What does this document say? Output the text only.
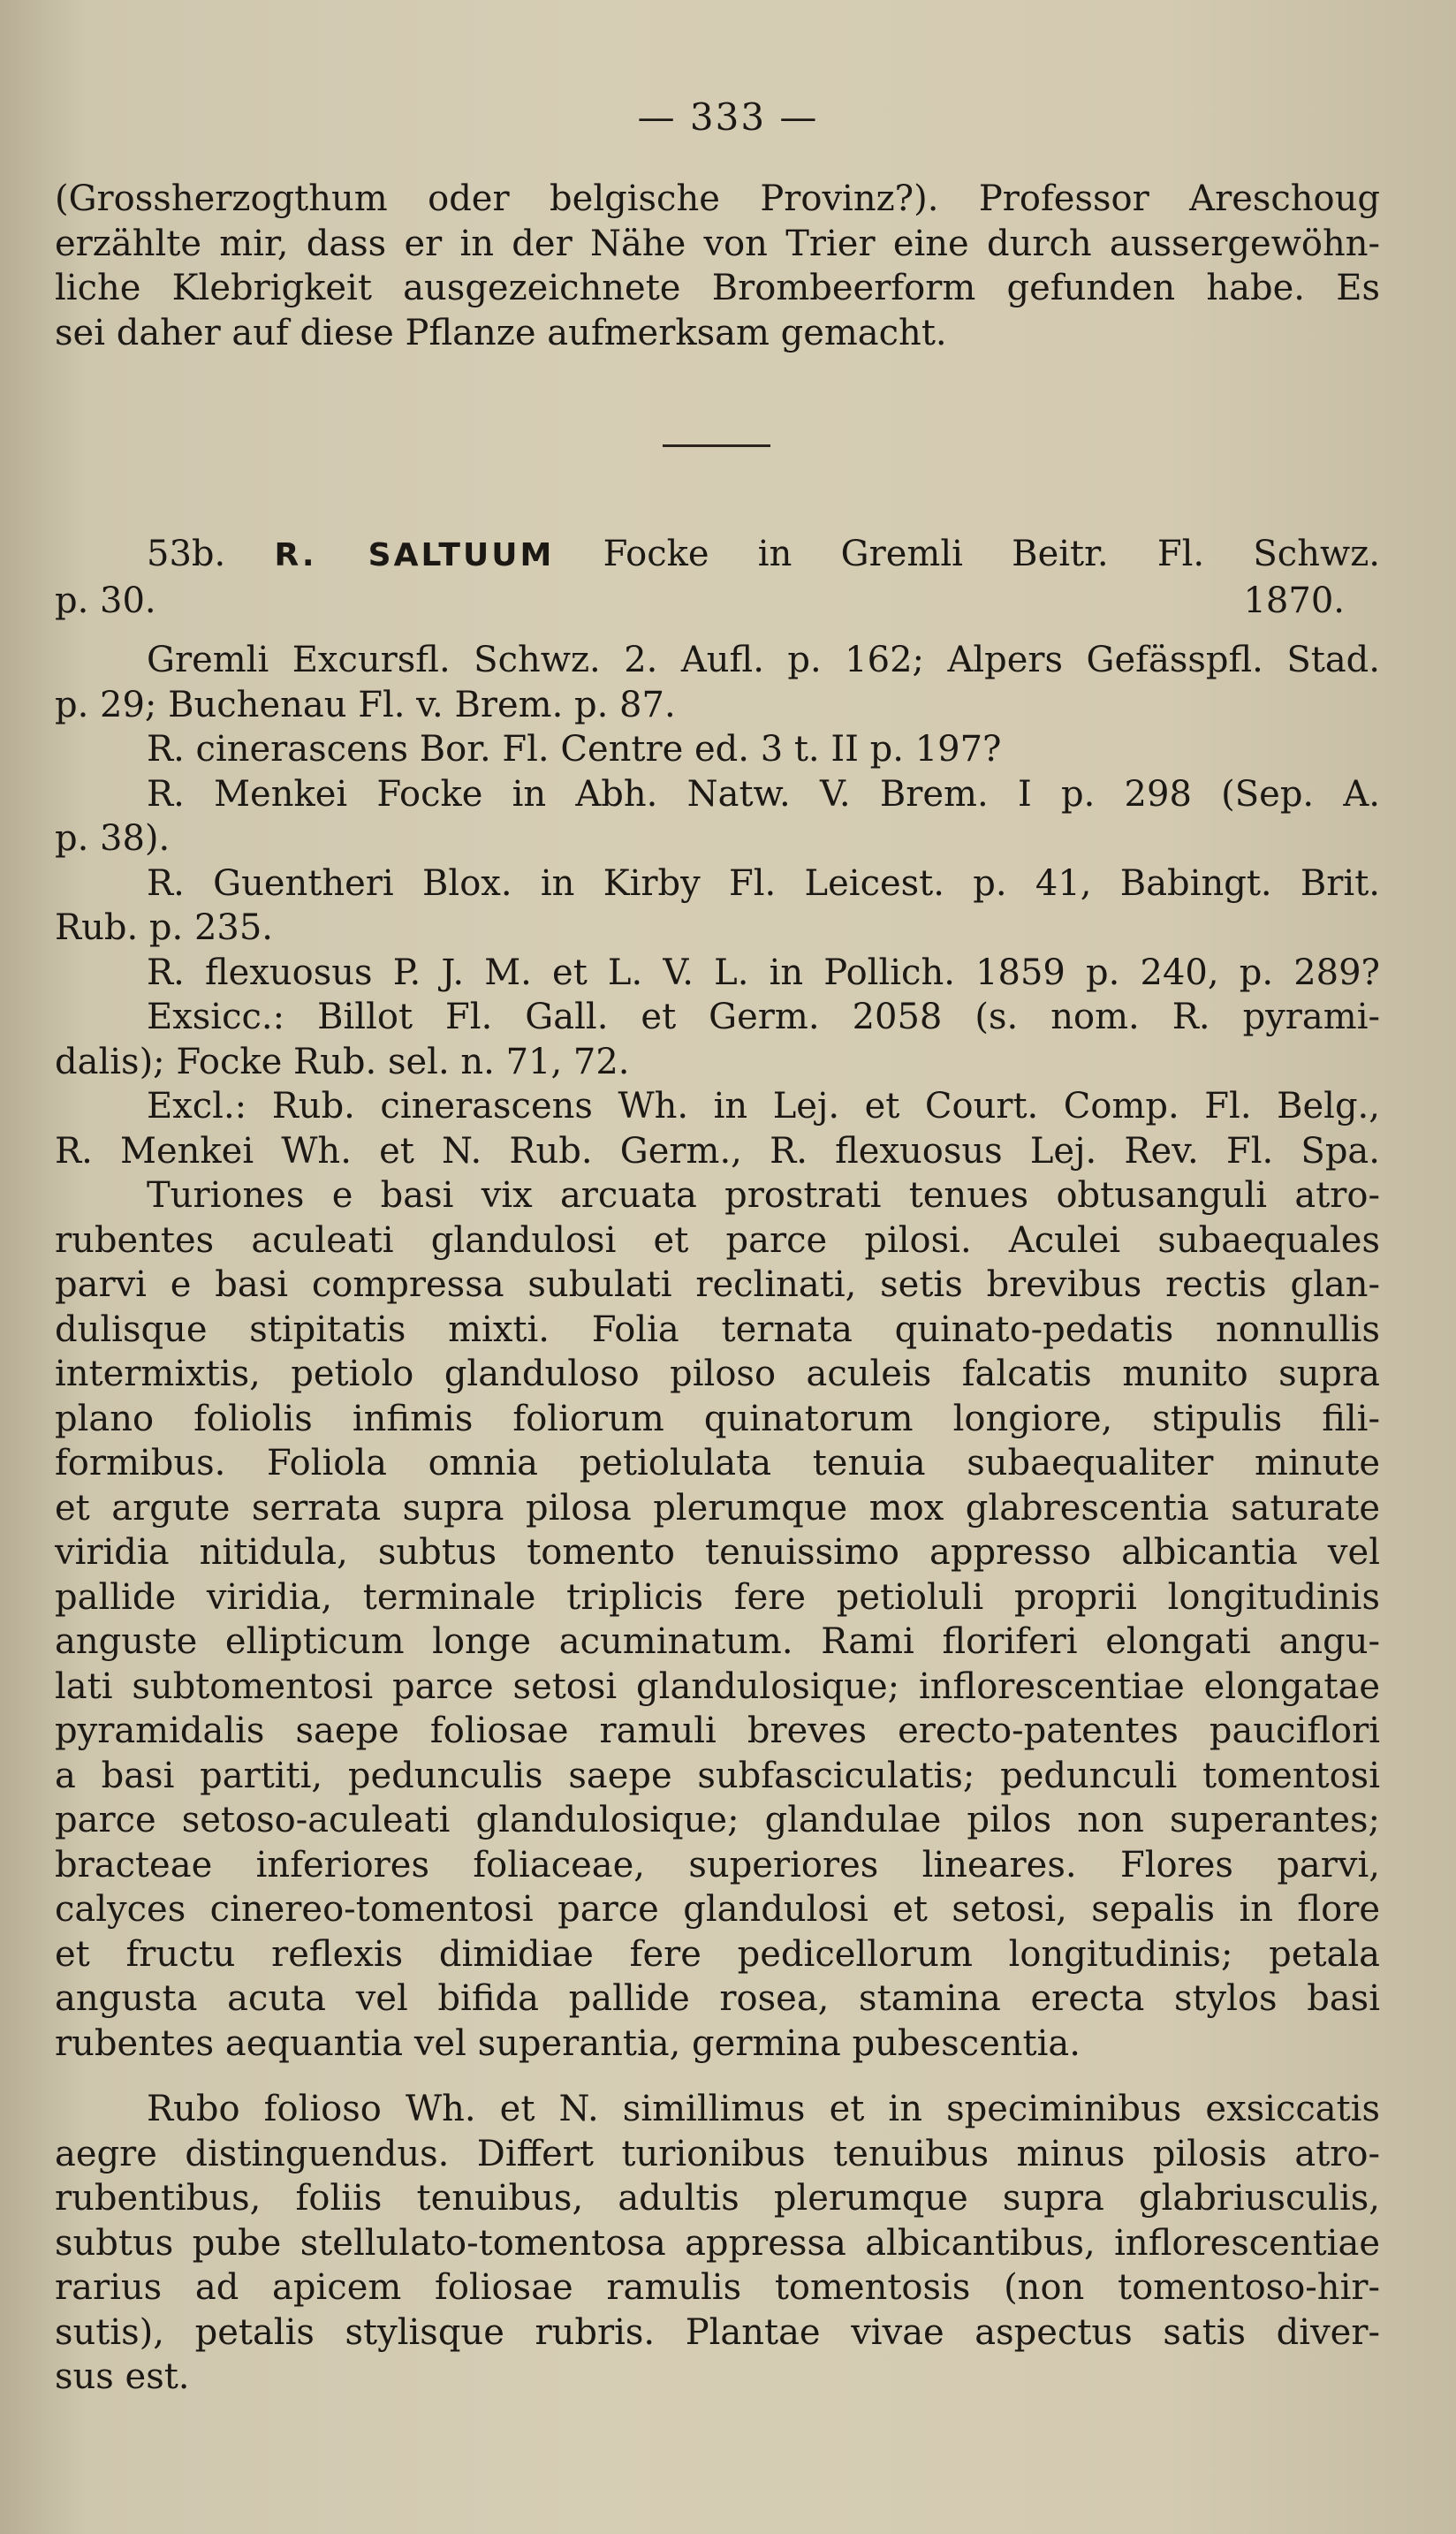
— 333 —
(Grossherzogthum oder belgische Provinz?). Professor Areschoug
erzählte mir, dass er in der Nähe von Trier eine durch aussergewöhn-
liche Klebrigkeit ausgezeichnete Brombeerform gefunden habe. Es
sei daher auf diese Pflanze aufmerksam gemacht.
53b. R. SALTUUM Focke in Gremli Beitr. Fl. Schwz.
p. 30.	1870.
Gremli Excursfl. Schwz. 2. Aufl. p. 162; Alpers Gefässpfl. Stad.
p. 29; Buchenau Fl. v. Brem. p. 87.
R. cinerascens Bor. Fl. Centre ed. 3 t. II p. 197?
R. Menkei Focke in Abh. Natw. V. Brem. I p. 298 (Sep. A.
p. 38).
R. Guentheri Blox. in Kirby Fl. Leicest. p. 41, Babingt. Brit.
Rub. p. 235.
R. flexuosus P. J. M. et L. V. L. in Pollich. 1859 p. 240, p. 289?
Exsicc.: Billot Fl. Gall. et Germ. 2058 (s. nom. R. pyrami-
dalis); Focke Rub. sel. n. 71, 72.
Excl.: Rub. cinerascens Wh. in Lej. et Court. Comp. Fl. Belg.,
R. Menkei Wh. et N. Rub. Germ., R. flexuosus Lej. Rev. Fl. Spa.
Turiones e basi vix arcuata prostrati tenues obtusanguli atro-
rubentes aculeati glandulosi et parce pilosi. Aculei subaequales
parvi e basi compressa subulati reclinati, setis brevibus rectis glan-
dulisque stipitatis mixti. Folia ternata quinato-pedatis nonnullis
intermixtis, petiolo glanduloso piloso aculeis falcatis munito supra
plano foliolis infimis foliorum quinatorum longiore, stipulis fili-
formibus. Foliola omnia petiolulata tenuia subaequaliter minute
et argute serrata supra pilosa plerumque mox glabrescentia saturate
viridia nitidula, subtus tomento tenuissimo appresso albicantia vel
pallide viridia, terminale triplicis fere petioluli proprii longitudinis
anguste ellipticum longe acuminatum. Rami floriferi elongati angu-
lati subtomentosi parce setosi glandulosique; inflorescentiae elongatae
pyramidalis saepe foliosae ramuli breves erecto-patentes pauciflori
a basi partiti, pedunculis saepe subfasciculatis; pedunculi tomentosi
parce setoso-aculeati glandulosique; glandulae pilos non superantes;
bracteae inferiores foliaceae, superiores lineares. Flores parvi,
calyces cinereo-tomentosi parce glandulosi et setosi, sepalis in flore
et fructu reflexis dimidiae fere pedicellorum longitudinis; petala
angusta acuta vel bifida pallide rosea, stamina erecta stylos basi
rubentes aequantia vel superantia, germina pubescentia.
Rubo folioso Wh. et N. simillimus et in speciminibus exsiccatis
aegre distinguendus. Differt turionibus tenuibus minus pilosis atro-
rubentibus, foliis tenuibus, adultis plerumque supra glabriusculis,
subtus pube stellulato-tomentosa appressa albicantibus, inflorescentiae
rarius ad apicem foliosae ramulis tomentosis (non tomentoso-hir-
sutis), petalis stylisque rubris. Plantae vivae aspectus satis diver-
sus est.
